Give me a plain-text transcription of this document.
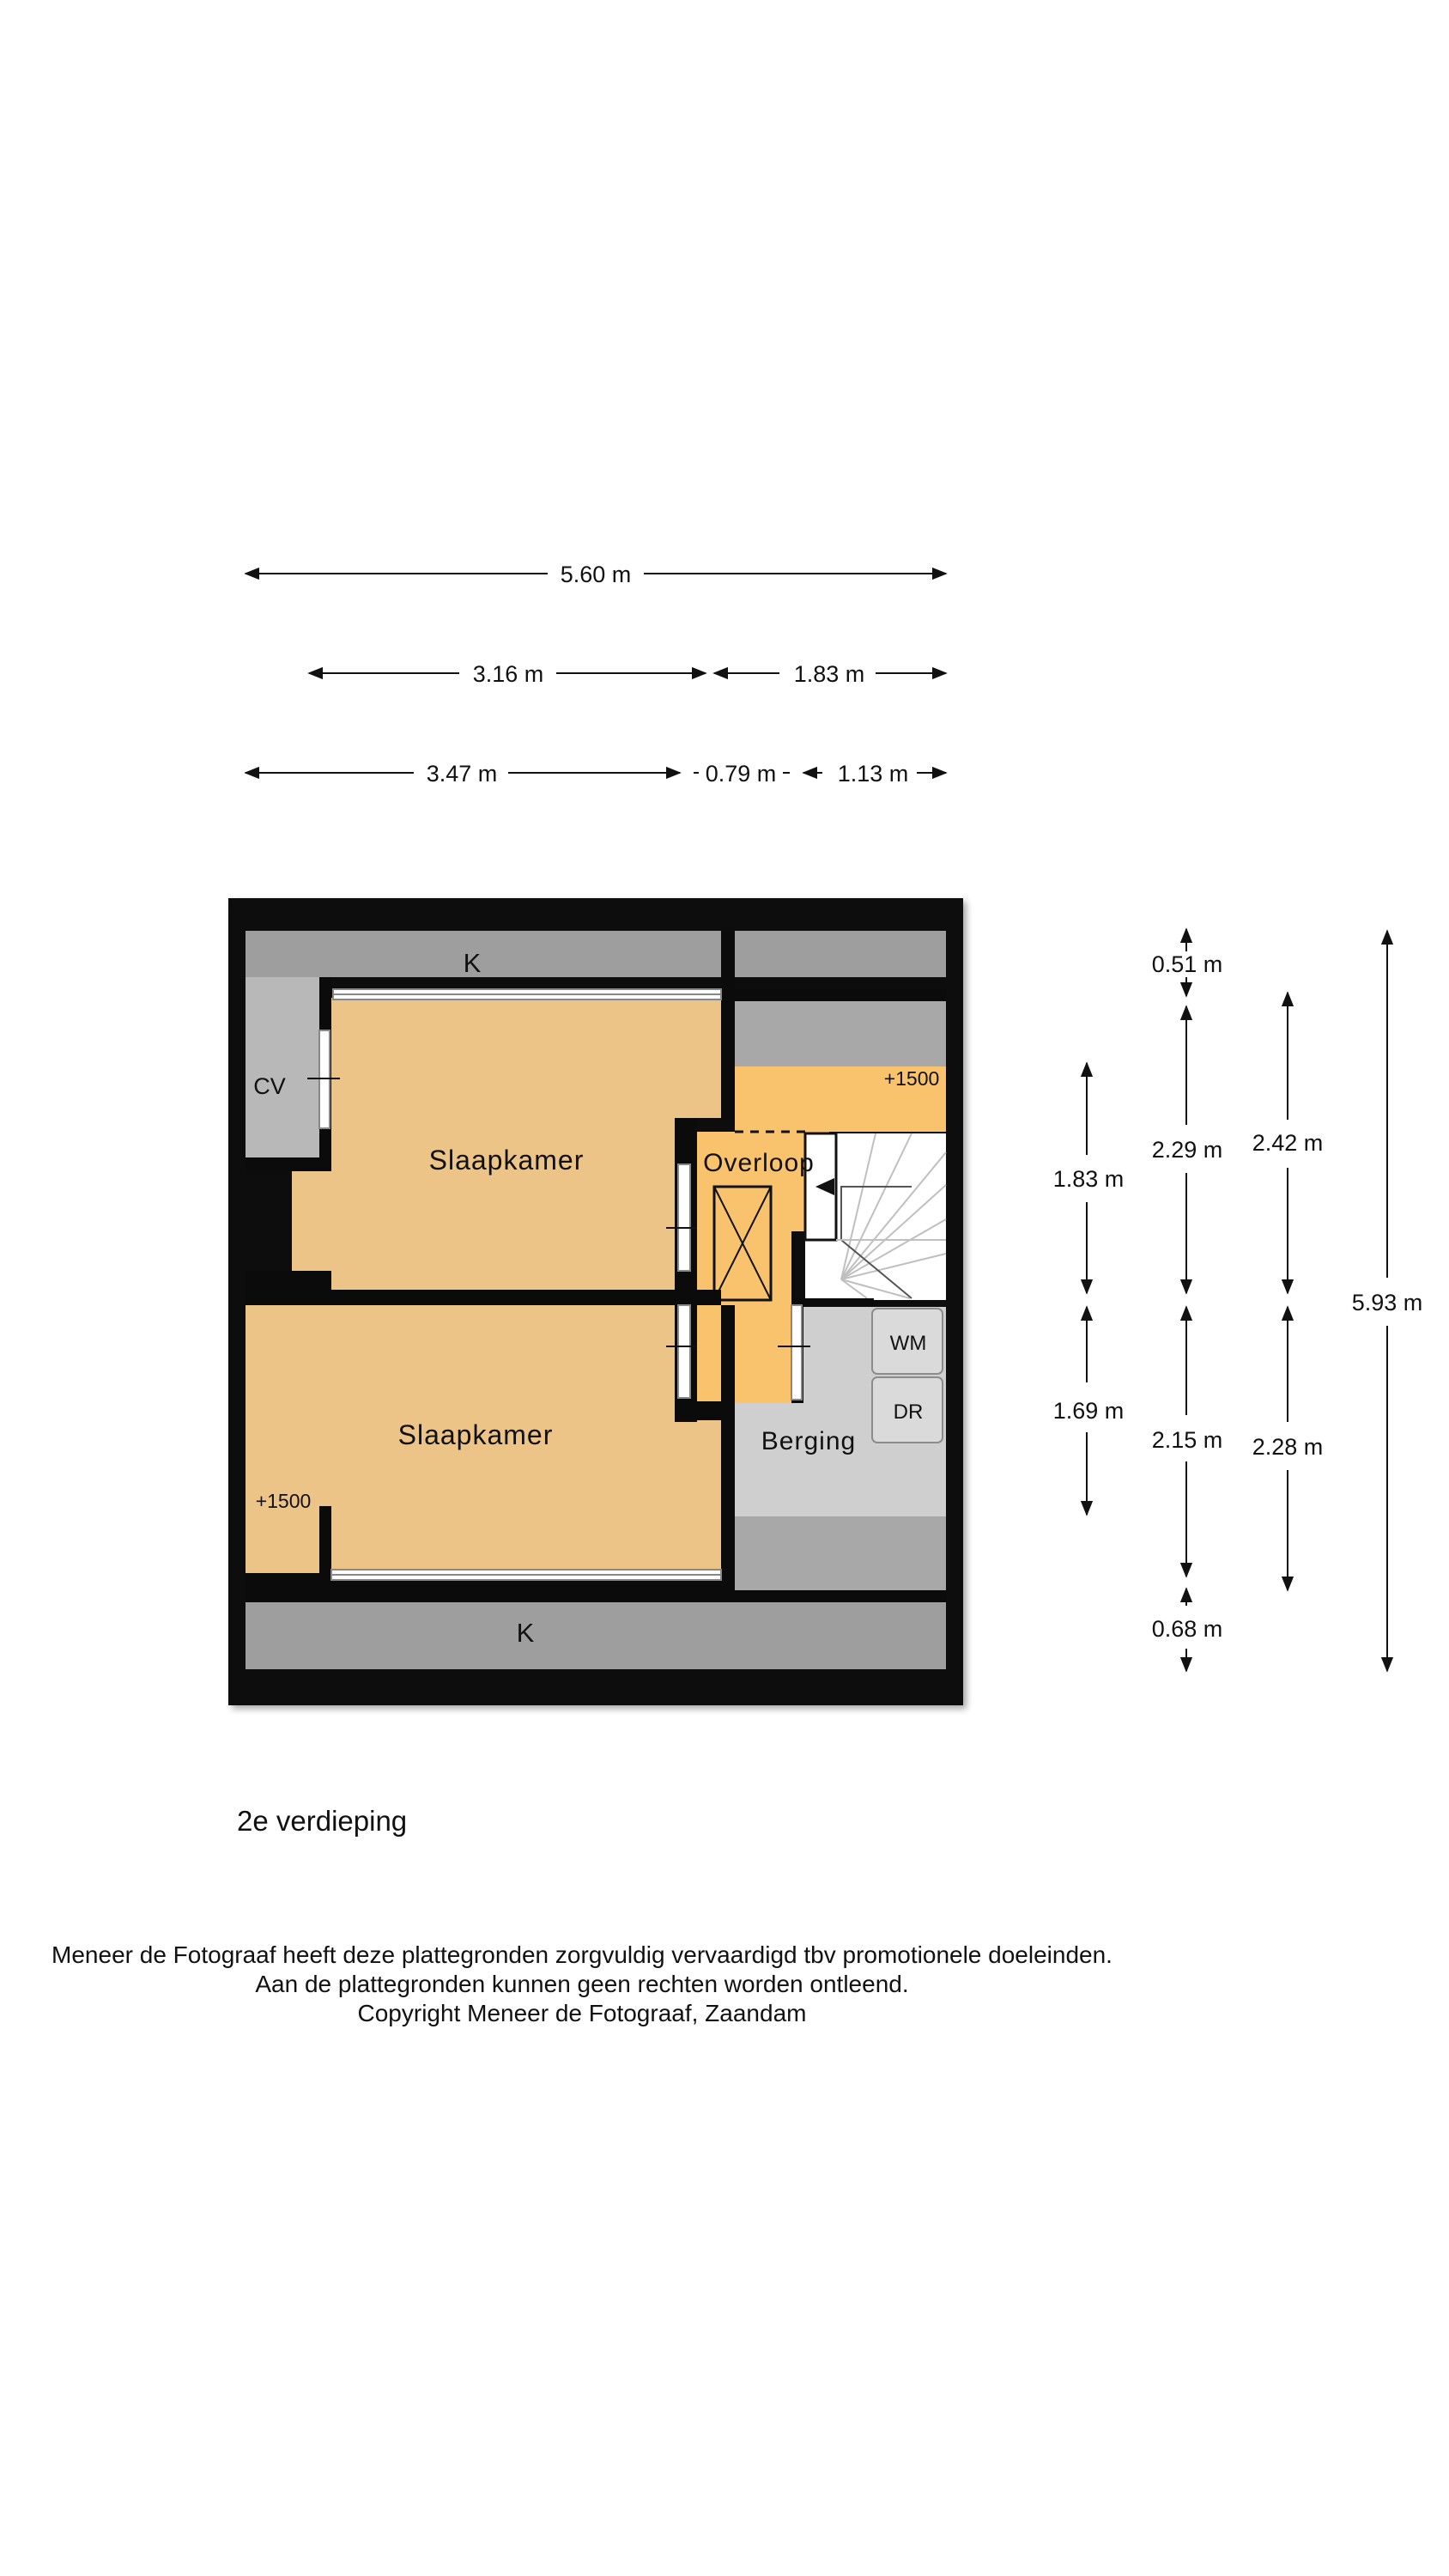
5.60 m
3.16 m	1.83 m
3.47 m	0.79 m	1.13 m
1.83 m
1.69 m
0.51 m
2.29 m
2.15 m
0.68 m
2.42 m
2.28 m
5.93 m
K
K
CV
Slaapkamer
Slaapkamer
Overloop
Berging
WM
DR
+1500
+1500
2e verdieping
Meneer de Fotograaf heeft deze plattegronden zorgvuldig vervaardigd tbv promotionele doeleinden.
Aan de plattegronden kunnen geen rechten worden ontleend.
Copyright Meneer de Fotograaf, Zaandam
